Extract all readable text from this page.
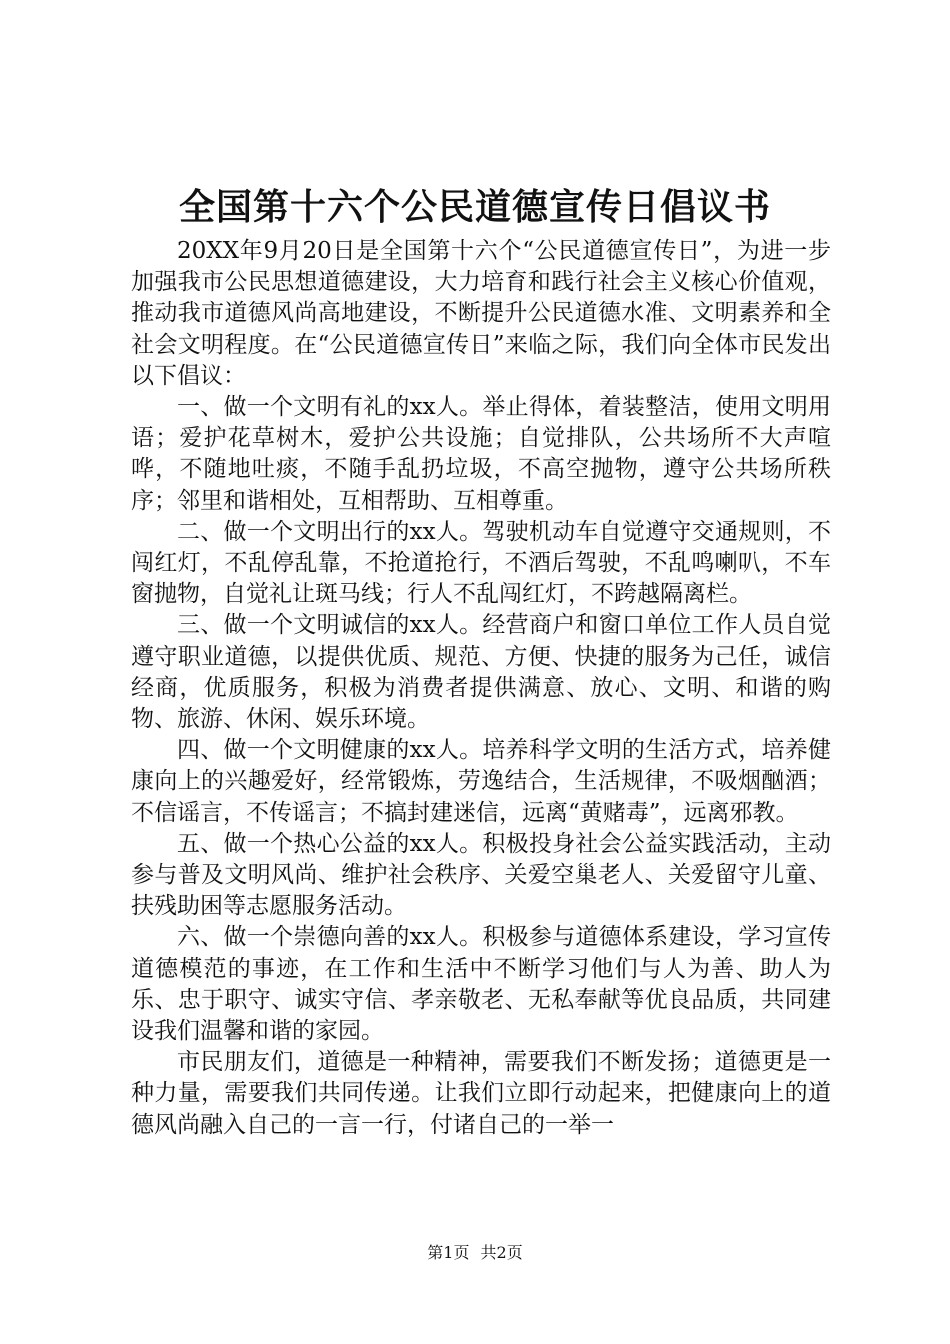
全国第十六个公民道德宣传日倡议书

20XX年9月20日是全国第十六个“公民道德宣传日”，为进一步加强我市公民思想道德建设，大力培育和践行社会主义核心价值观，推动我市道德风尚高地建设，不断提升公民道德水准、文明素养和全社会文明程度。在“公民道德宣传日”来临之际，我们向全体市民发出以下倡议：

一、做一个文明有礼的xx人。举止得体，着装整洁，使用文明用语；爱护花草树木，爱护公共设施；自觉排队，公共场所不大声喧哗，不随地吐痰，不随手乱扔垃圾，不高空抛物，遵守公共场所秩序；邻里和谐相处，互相帮助、互相尊重。

二、做一个文明出行的xx人。驾驶机动车自觉遵守交通规则，不闯红灯，不乱停乱靠，不抢道抢行，不酒后驾驶，不乱鸣喇叭，不车窗抛物，自觉礼让斑马线；行人不乱闯红灯，不跨越隔离栏。

三、做一个文明诚信的xx人。经营商户和窗口单位工作人员自觉遵守职业道德，以提供优质、规范、方便、快捷的服务为己任，诚信经商，优质服务，积极为消费者提供满意、放心、文明、和谐的购物、旅游、休闲、娱乐环境。

四、做一个文明健康的xx人。培养科学文明的生活方式，培养健康向上的兴趣爱好，经常锻炼，劳逸结合，生活规律，不吸烟酗酒；不信谣言，不传谣言；不搞封建迷信，远离“黄赌毒”，远离邪教。

五、做一个热心公益的xx人。积极投身社会公益实践活动，主动参与普及文明风尚、维护社会秩序、关爱空巢老人、关爱留守儿童、扶残助困等志愿服务活动。

六、做一个崇德向善的xx人。积极参与道德体系建设，学习宣传道德模范的事迹，在工作和生活中不断学习他们与人为善、助人为乐、忠于职守、诚实守信、孝亲敬老、无私奉献等优良品质，共同建设我们温馨和谐的家园。

市民朋友们，道德是一种精神，需要我们不断发扬；道德更是一种力量，需要我们共同传递。让我们立即行动起来，把健康向上的道德风尚融入自己的一言一行，付诸自己的一举一

第1页 共2页
